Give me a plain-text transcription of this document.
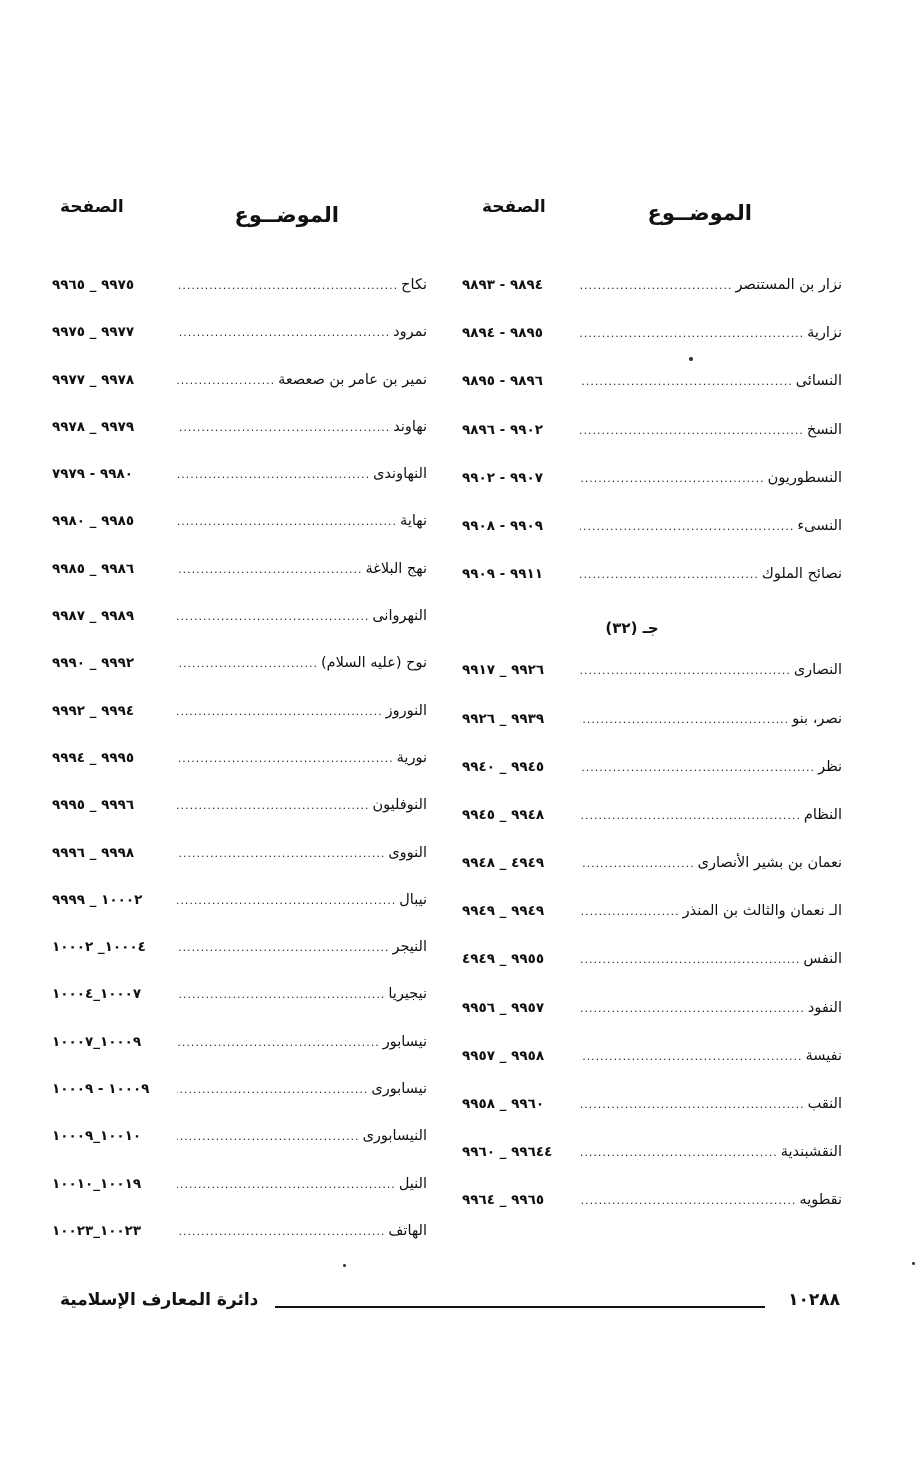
الموضــوع
الصفحة
نزار بن المستنصر
.....
٩٨٩٤ - ٩٨٩٣
نزارية
.....
٩٨٩٥ - ٩٨٩٤
النسائى
.....
٩٨٩٦ - ٩٨٩٥
النسخ
.....
٩٩٠٢ - ٩٨٩٦
النسطوريون
.....
٩٩٠٧ - ٩٩٠٢
النسىء
.....
٩٩٠٩ - ٩٩٠٨
نصائح الملوك
.....
٩٩١١ - ٩٩٠٩
جـ (٣٢)
النصارى
.....
٩٩٢٦ _ ٩٩١٧
نصر، بنو
.....
٩٩٣٩ _ ٩٩٢٦
نظر
.....
٩٩٤٥ _ ٩٩٤٠
النظام
.....
٩٩٤٨ _ ٩٩٤٥
نعمان بن بشير الأنصارى
.....
٤٩٤٩ _ ٩٩٤٨
الـ نعمان والثالث بن المنذر
.....
٩٩٤٩ _ ٩٩٤٩
النفس
.....
٩٩٥٥ _ ٤٩٤٩
النفود
.....
٩٩٥٧ _ ٩٩٥٦
نفيسة
.....
٩٩٥٨ _ ٩٩٥٧
النقب
.....
٩٩٦٠ _ ٩٩٥٨
النقشبندية
.....
٩٩٦٤٤ _ ٩٩٦٠
نقطويه
.....
٩٩٦٥ _ ٩٩٦٤
الموضــوع
الصفحة
نكاح
.....
٩٩٧٥ _ ٩٩٦٥
نمرود
.....
٩٩٧٧ _ ٩٩٧٥
نمير بن عامر بن صعصعة
.....
٩٩٧٨ _ ٩٩٧٧
نهاوند
.....
٩٩٧٩ _ ٩٩٧٨
النهاوندى
.....
٩٩٨٠ - ٧٩٧٩
نهاية
.....
٩٩٨٥ _ ٩٩٨٠
نهج البلاغة
.....
٩٩٨٦ _ ٩٩٨٥
النهروانى
.....
٩٩٨٩ _ ٩٩٨٧
نوح (عليه السلام)
.....
٩٩٩٢ _ ٩٩٩٠
النوروز
.....
٩٩٩٤ _ ٩٩٩٢
نورية
.....
٩٩٩٥ _ ٩٩٩٤
النوفليون
.....
٩٩٩٦ _ ٩٩٩٥
النووى
.....
٩٩٩٨ _ ٩٩٩٦
نيبال
.....
١٠٠٠٢ _ ٩٩٩٩
النيجر
.....
١٠٠٠٤_ ١٠٠٠٢
نيجيريا
.....
١٠٠٠٧_١٠٠٠٤
نيسابور
.....
١٠٠٠٩_١٠٠٠٧
نيسابورى
.....
١٠٠٠٩ - ١٠٠٠٩
النيسابورى
.....
١٠٠١٠_١٠٠٠٩
النيل
.....
١٠٠١٩_١٠٠١٠
الهاتف
.....
١٠٠٢٣_١٠٠٢٣
١٠٢٨٨
دائرة المعارف الإسلامية
